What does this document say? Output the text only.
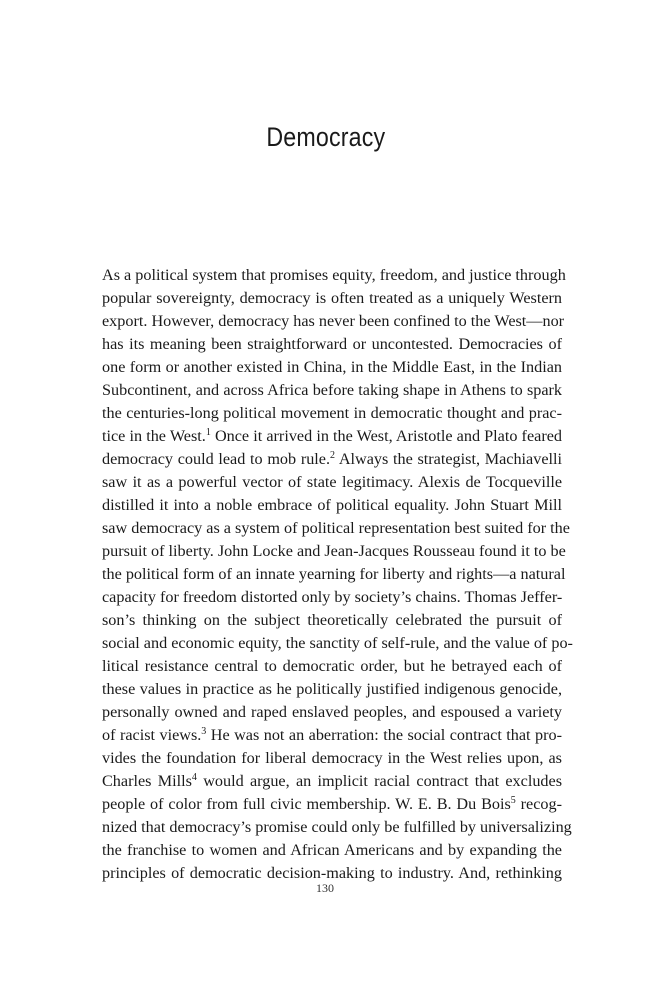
Democracy
As a political system that promises equity, freedom, and justice through
popular sovereignty, democracy is often treated as a uniquely Western
export. However, democracy has never been confined to the West—nor
has its meaning been straightforward or uncontested. Democracies of
one form or another existed in China, in the Middle East, in the Indian
Subcontinent, and across Africa before taking shape in Athens to spark
the centuries-long political movement in democratic thought and prac-
tice in the West.$^1$ Once it arrived in the West, Aristotle and Plato feared
democracy could lead to mob rule.$^2$ Always the strategist, Machiavelli
saw it as a powerful vector of state legitimacy. Alexis de Tocqueville
distilled it into a noble embrace of political equality. John Stuart Mill
saw democracy as a system of political representation best suited for the
pursuit of liberty. John Locke and Jean-Jacques Rousseau found it to be
the political form of an innate yearning for liberty and rights—a natural
capacity for freedom distorted only by society’s chains. Thomas Jeffer-
son’s thinking on the subject theoretically celebrated the pursuit of
social and economic equity, the sanctity of self-rule, and the value of po-
litical resistance central to democratic order, but he betrayed each of
these values in practice as he politically justified indigenous genocide,
personally owned and raped enslaved peoples, and espoused a variety
of racist views.$^3$ He was not an aberration: the social contract that pro-
vides the foundation for liberal democracy in the West relies upon, as
Charles Mills$^4$ would argue, an implicit racial contract that excludes
people of color from full civic membership. W. E. B. Du Bois$^5$ recog-
nized that democracy’s promise could only be fulfilled by universalizing
the franchise to women and African Americans and by expanding the
principles of democratic decision-making to industry. And, rethinking
130
